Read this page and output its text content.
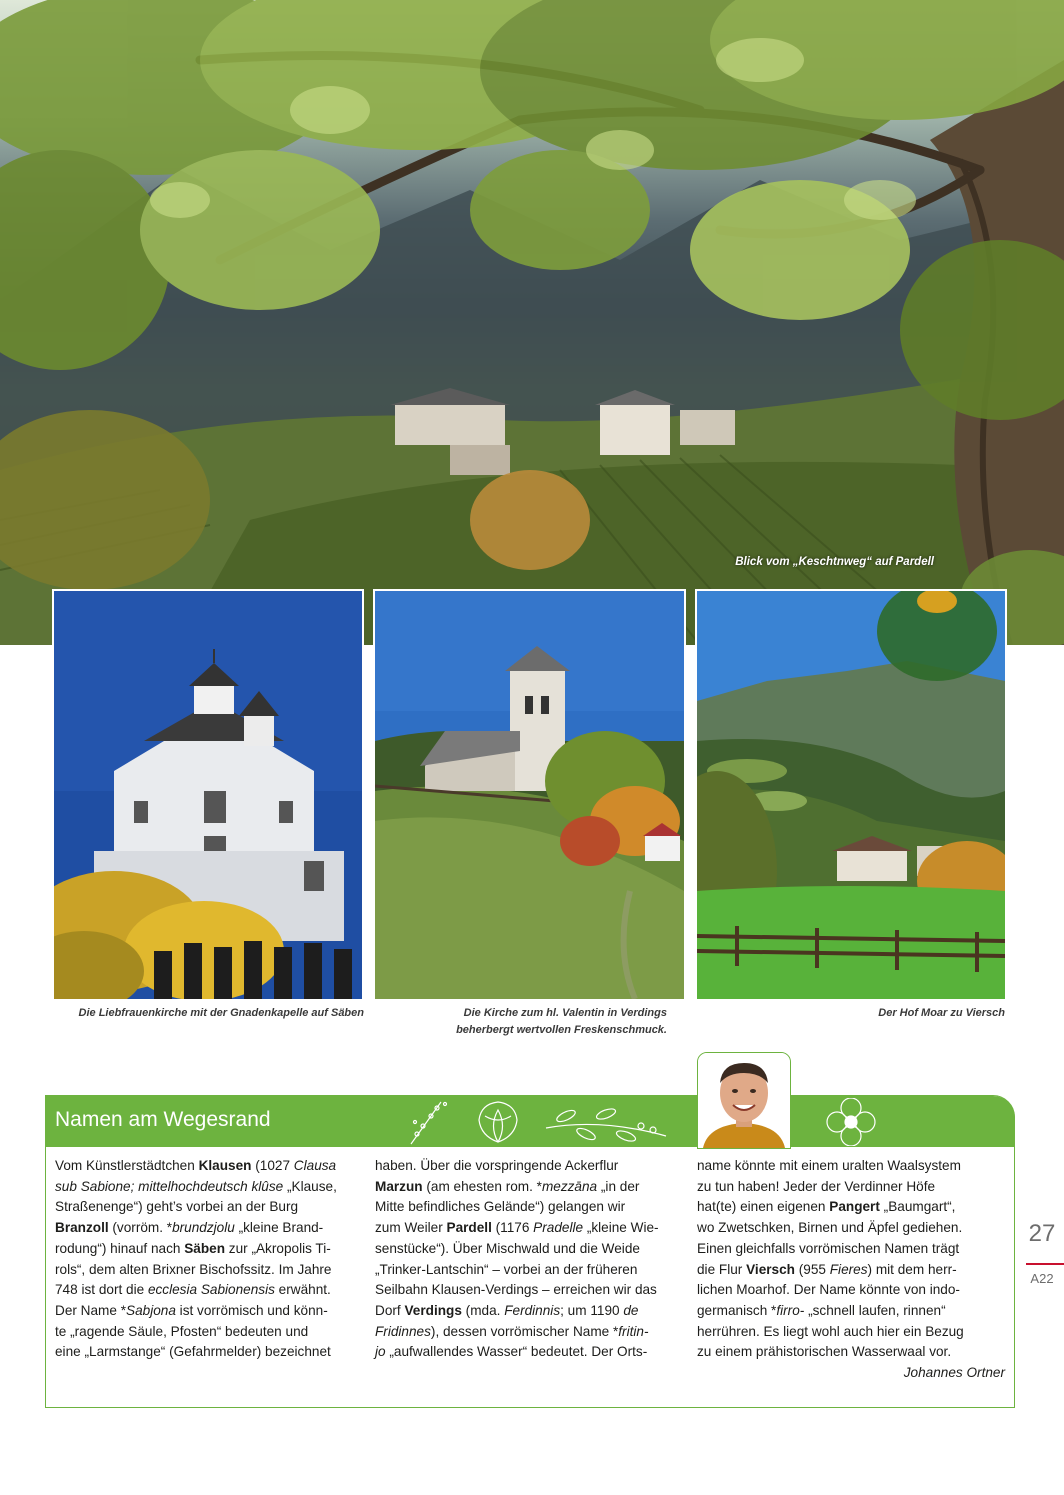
Blick vom „Keschtnweg“ auf Pardell
Die Liebfrauenkirche mit der Gnadenkapelle auf Säben	Die Kirche zum hl. Valentin in Verdings
beherbergt wertvollen Freskenschmuck.
Der Hof Moar zu Viersch
Namen am Wegesrand
Vom Künstlerstädtchen Klausen (1027 Clausa
sub Sabione; mittelhochdeutsch klûse „Klause,
Straßenenge“) geht’s vorbei an der Burg
Branzoll (vorröm. *brundzjolu „kleine Brand-
rodung“) hinauf nach Säben zur „Akropolis Ti-
rols“, dem alten Brixner Bischofssitz. Im Jahre
748 ist dort die ecclesia Sabionensis erwähnt.
Der Name *Sabjona ist vorrömisch und könn-
te „ragende Säule, Pfosten“ bedeuten und
eine „Larmstange“ (Gefahrmelder) bezeichnet
haben. Über die vorspringende Ackerflur
Marzun (am ehesten rom. *mezzāna „in der
Mitte befindliches Gelände“) gelangen wir
zum Weiler Pardell (1176 Pradelle „kleine Wie-
senstücke“). Über Mischwald und die Weide
„Trinker-Lantschin“ – vorbei an der früheren
Seilbahn Klausen-Verdings – erreichen wir das
Dorf Verdings (mda. Ferdinnis; um 1190 de
Fridinnes), dessen vorrömischer Name *fritin-
jo „aufwallendes Wasser“ bedeutet. Der Orts-
name könnte mit einem uralten Waalsystem
zu tun haben! Jeder der Verdinner Höfe
hat(te) einen eigenen Pangert „Baumgart“,
wo Zwetschken, Birnen und Äpfel gediehen.
Einen gleichfalls vorrömischen Namen trägt
die Flur Viersch (955 Fieres) mit dem herr-
lichen Moarhof. Der Name könnte von indo-
germanisch *firro- „schnell laufen, rinnen“
herrühren. Es liegt wohl auch hier ein Bezug
zu einem prähistorischen Wasserwaal vor.
Johannes Ortner
27
A22
